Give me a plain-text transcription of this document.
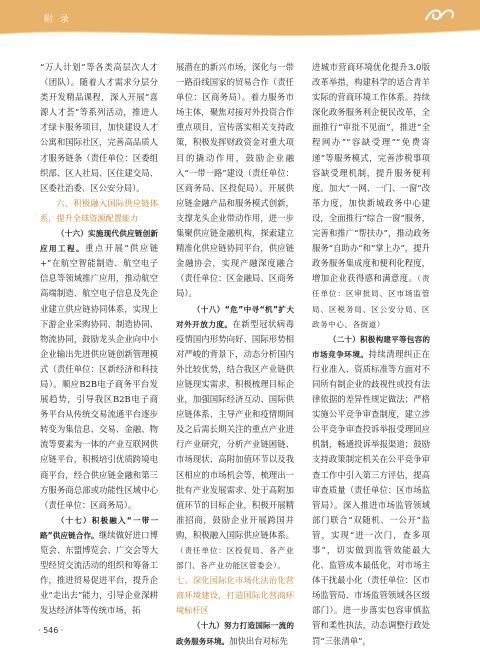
附 录

“万人计划”等各类高层次人才（团队）。随着人才需求分层分类开发精品课程，深入开展“喜源人才荟”等系列活动，推进人才绿卡服务项目，加快建设人才公寓和国际社区，完善高品质人才服务链条（责任单位：区委组织部、区人社局、区住建交局、区委社治委、区公安分局）。

六、积极融入国际供应链体系，提升全球资源配置能力

（十六）实施现代供应链创新应用工程。重点开展“供应链+”在航空智能制造、航空电子信息等领域推广应用，推动航空高端制造、航空电子信息及先企业建立供应链协同体系，实现上下游企业采购协同、制造协同、物流协同，鼓励龙头企业向中小企业输出先进供应链创新管理模式（责任单位：区新经济和科技局）。顺应B2B电子商务平台发展趋势，引导我区B2B电子商务平台从传统交易流通平台逐步转变为集信息、交易、金融、物流等要素为一体的产业互联网供应链平台，积极培引优质跨境电商平台，经合供应链金融和第三方服务商总部或功能性区域中心（责任单位：区商务局）。

（十七）积极融入“一带一路”供应链合作。继续做好进口博览会、东盟博览会、广交会等大型经贸交流活动的组织和筹备工作，推进贸易促进平台，提升企业“走出去”能力，引导企业深耕发达经济体等传统市场，拓

展潜在的新兴市场，深化与一带一路沿线国家的贸易合作（责任单位：区商务局）。着力服务市场主体，聚焦对接对外投资合作重点项目，宣传落实相关支持政策，积极发挥财政资金对重大项目的撬动作用，鼓励企业融入“一带一路”建设（责任单位：区商务局、区投促局）。开展供应链金融产品和服务模式创新，支撑龙头企业带动作用，进一步集聚供应链金融机构，探索建立精准化供应链协同平台，供应链金融协会，实现产融深度融合（责任单位：区金融局、区商务局）。

（十八）“危”中寻“机”扩大对外开放力度。在新型冠状病毒疫情国内形势向好、国际形势相对严峻的背景下，动态分析国内外比较优势，结合我区产业链供应链现实需求，积极梳理目标企业，加强国际经济互动、国际供应链体系、主导产业和疫情期间及之后需长期关注的重点产业进行产业研究，分析产业链困链、市场现状、高附加值环节以及我区相应的市场机会等，梳理出一批有产业发展需求、处于高附加值环节的目标企业，积极开展精准招商，鼓励企业开展跨国并购，积极融入国际供应链体系。（责任单位：区投促局、各产业部门、各产业功能区管委会）。

七、深化国际化市场化法治化营商环境建设，打造国际化营商环境标杆区

（十九）努力打造国际一流的政务服务环境。加快出台对标先

进城市营商环境优化提升3.0版改革举措，构建科学的适合青羊实际的营商环境工作体系。持续深化政务服务利企便民改革，全面推行“审批不见面”，推进“全程网办”“容缺受理”“免费寄递”等服务模式，完善涉税事项容缺受理机制，提升服务便利度。加大“一网、一门、一窗”改革力度，加快新城政务中心建设，全面推行“综合一窗”服务，完善和推广“帮扶办”，推动政务服务“自助办”和“掌上办”，提升政务服务集成度和便利化程度，增加企业获得感和满意度。（责任单位：区审批局、区市场监管局、区税务局、区公安分局、区政务中心、各街道）

（二十）积极构建平等包容的市场竞争环境。持续清理纠正在行业准入、资质标准等方面对不同所有制企业的歧视性或投有法律依据的差异性规定做法；严格实施公平竞争审查制度，建立涉公平竞争审查投诉举报受理回应机制，畅通投诉举报渠道；鼓励支持政策制定机关在公平竞争审查工作中引入第三方评估，提高审查质量（责任单位：区市场监管局）。深入推进市场监管领域部门联合“双随机、一公开”监管，实现“进一次门，查多项事”，切实做到监管效能最大化、监管成本最低化，对市场主体干扰最小化（责任单位：区市场监管局、市场监管领域各区级部门）。进一步落实包容审慎监管和柔性执法，动态调整行政处罚“三张清单”，

· 546 ·
